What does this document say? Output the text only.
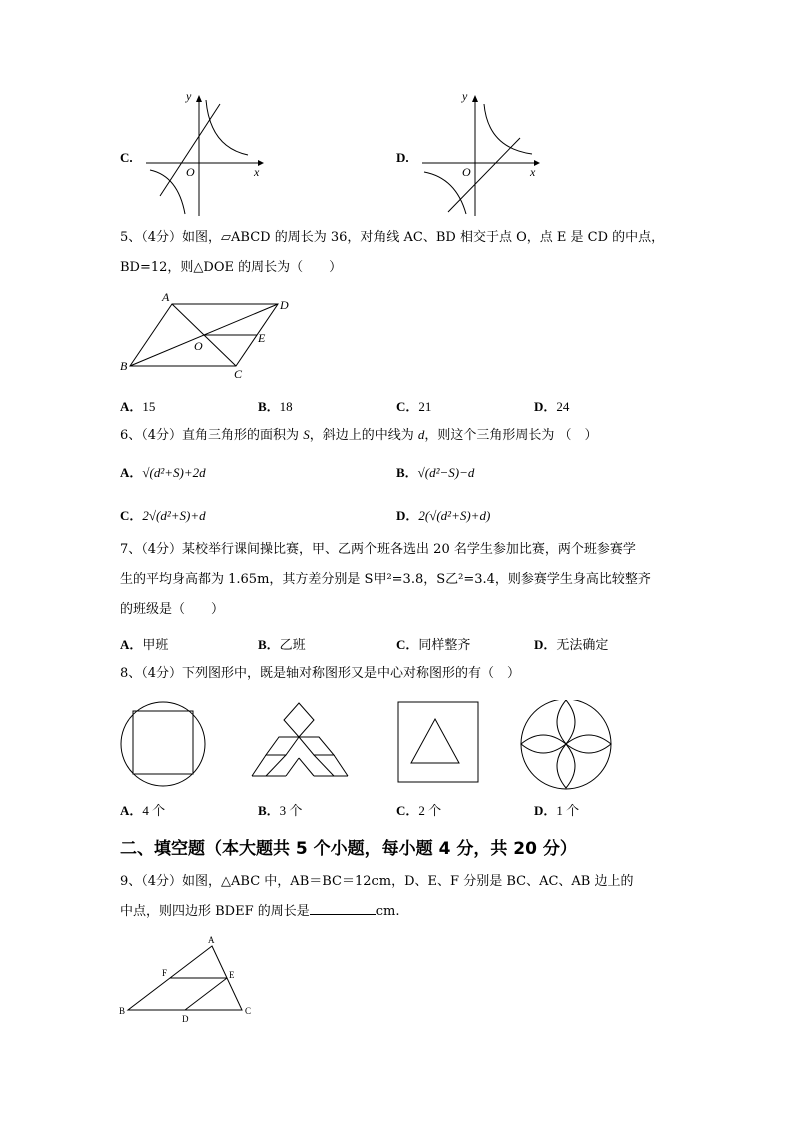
C.
y
x
O
D.
y
x
O
5、（4分）如图，▱ABCD 的周长为 36，对角线 AC、BD 相交于点 O，点 E 是 CD 的中点，
BD=12，则△DOE 的周长为（　　）
A
D
B
C
O
E
A．15	B．18	C．21	D．24
6、（4分）直角三角形的面积为 S，斜边上的中线为 d，则这个三角形周长为 （　）
A．√(d²+S)+2d	B．√(d²−S)−d
C．2√(d²+S)+d	D．2(√(d²+S)+d)
7、（4分）某校举行课间操比赛，甲、乙两个班各选出 20 名学生参加比赛，两个班参赛学
生的平均身高都为 1.65m，其方差分别是 S甲²=3.8，S乙²=3.4，则参赛学生身高比较整齐
的班级是（　　）
A．甲班	B．乙班	C．同样整齐	D．无法确定
8、（4分）下列图形中，既是轴对称图形又是中心对称图形的有（　）
A．4 个	B．3 个	C．2 个	D．1 个
二、填空题（本大题共 5 个小题，每小题 4 分，共 20 分）
9、（4分）如图，△ABC 中，AB＝BC＝12cm，D、E、F 分别是 BC、AC、AB 边上的
中点，则四边形 BDEF 的周长是	cm.
A
B	C
D
E
F
